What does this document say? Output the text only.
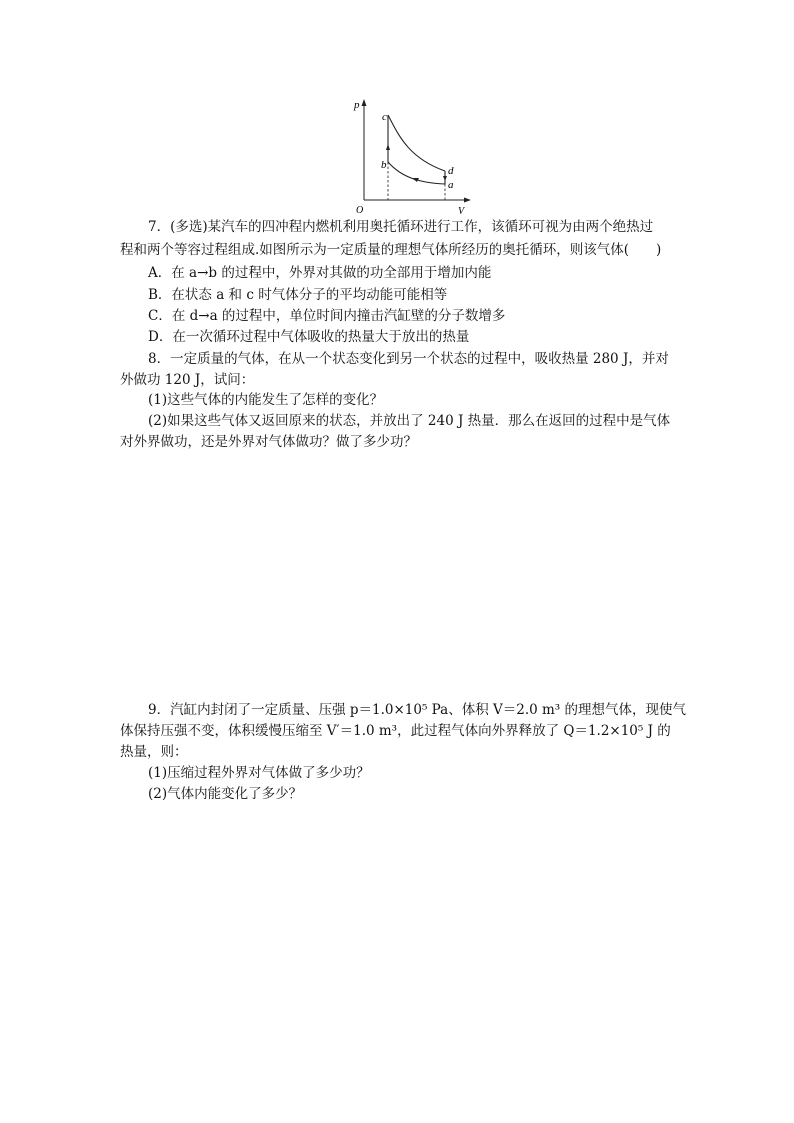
p
V
O
c
b	d
a
7．(多选)某汽车的四冲程内燃机利用奥托循环进行工作，该循环可视为由两个绝热过
程和两个等容过程组成.如图所示为一定质量的理想气体所经历的奥托循环，则该气体(　　)
A．在 a→b 的过程中，外界对其做的功全部用于增加内能
B．在状态 a 和 c 时气体分子的平均动能可能相等
C．在 d→a 的过程中，单位时间内撞击汽缸壁的分子数增多
D．在一次循环过程中气体吸收的热量大于放出的热量
8．一定质量的气体，在从一个状态变化到另一个状态的过程中，吸收热量 280 J，并对
外做功 120 J，试问：
(1)这些气体的内能发生了怎样的变化？
(2)如果这些气体又返回原来的状态，并放出了 240 J 热量．那么在返回的过程中是气体
对外界做功，还是外界对气体做功？做了多少功？
9．汽缸内封闭了一定质量、压强 p＝1.0×10⁵ Pa、体积 V＝2.0 m³ 的理想气体，现使气
体保持压强不变，体积缓慢压缩至 V′＝1.0 m³，此过程气体向外界释放了 Q＝1.2×10⁵ J 的
热量，则：
(1)压缩过程外界对气体做了多少功？
(2)气体内能变化了多少？
